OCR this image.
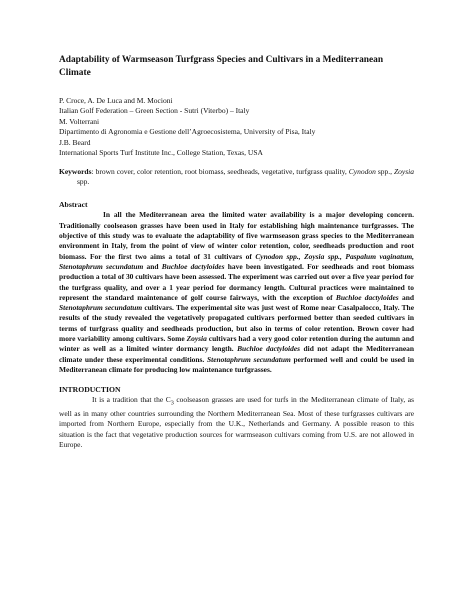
Adaptability of Warmseason Turfgrass Species and Cultivars in a Mediterranean Climate
P. Croce, A. De Luca and M. Mocioni
Italian Golf Federation – Green Section - Sutri (Viterbo) – Italy
M. Volterrani
Dipartimento di Agronomia e Gestione dell’Agroecosistema, University of Pisa, Italy
J.B. Beard
International Sports Turf Institute Inc., College Station, Texas, USA
Keywords: brown cover, color retention, root biomass, seedheads, vegetative, turfgrass quality, Cynodon spp., Zoysia spp.
Abstract

In all the Mediterranean area the limited water availability is a major developing concern. Traditionally coolseason grasses have been used in Italy for establishing high maintenance turfgrasses. The objective of this study was to evaluate the adaptability of five warmseason grass species to the Mediterranean environment in Italy, from the point of view of winter color retention, color, seedheads production and root biomass. For the first two aims a total of 31 cultivars of Cynodon spp., Zoysia spp., Paspalum vaginatum, Stenotaphrum secundatum and Buchloe dactyloides have been investigated. For seedheads and root biomass production a total of 30 cultivars have been assessed. The experiment was carried out over a five year period for the turfgrass quality, and over a 1 year period for dormancy length. Cultural practices were maintained to represent the standard maintenance of golf course fairways, with the exception of Buchloe dactyloides and Stenotaphrum secundatum cultivars. The experimental site was just west of Rome near Casalpalocco, Italy. The results of the study revealed the vegetatively propagated cultivars performed better than seeded cultivars in terms of turfgrass quality and seedheads production, but also in terms of color retention. Brown cover had more variability among cultivars. Some Zoysia cultivars had a very good color retention during the autumn and winter as well as a limited winter dormancy length. Buchloe dactyloides did not adapt the Mediterranean climate under these experimental conditions. Stenotaphrum secundatum performed well and could be used in Mediterranean climate for producing low maintenance turfgrasses.

INTRODUCTION

It is a tradition that the $C_3$ coolseason grasses are used for turfs in the Mediterranean climate of Italy, as well as in many other countries surrounding the Northern Mediterranean Sea. Most of these turfgrasses cultivars are imported from Northern Europe, especially from the U.K., Netherlands and Germany. A possible reason to this situation is the fact that vegetative production sources for warmseason cultivars coming from U.S. are not allowed in Europe.
